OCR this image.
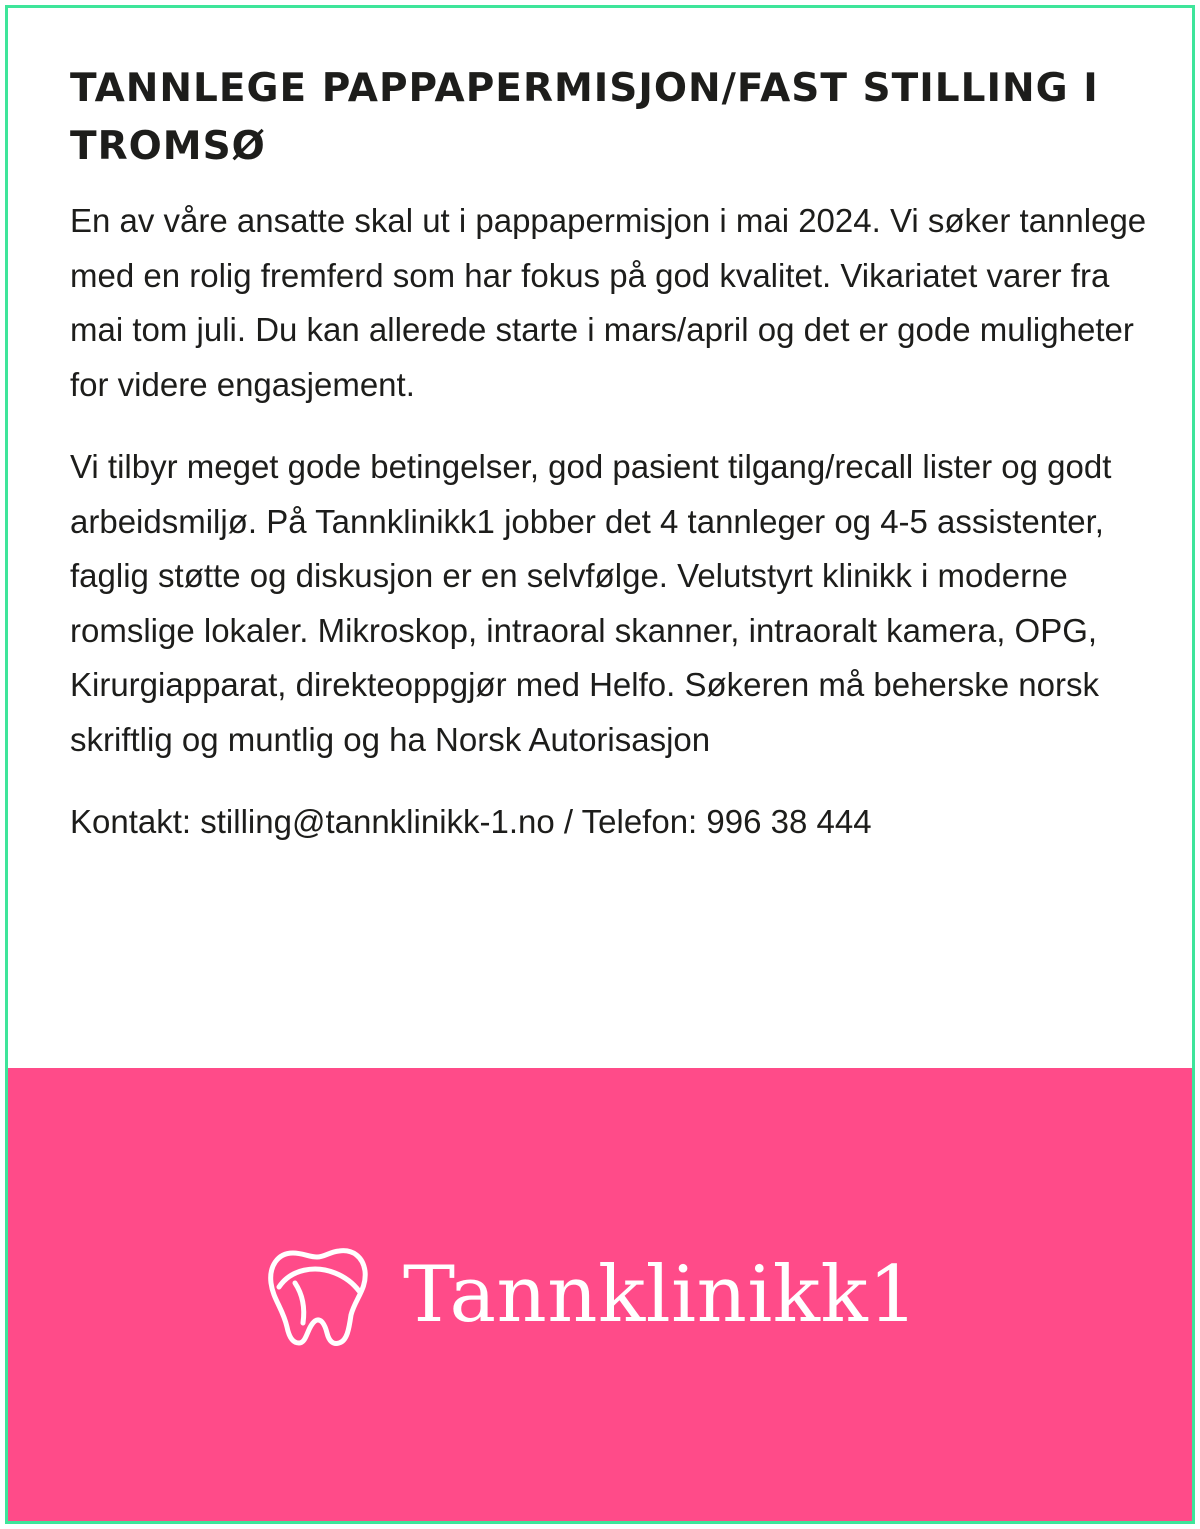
TANNLEGE PAPPAPERMISJON/FAST STILLING I TROMSØ

En av våre ansatte skal ut i pappapermisjon i mai 2024. Vi søker tannlege med en rolig fremferd som har fokus på god kvalitet. Vikariatet varer fra mai tom juli. Du kan allerede starte i mars/april og det er gode muligheter for videre engasjement.

Vi tilbyr meget gode betingelser, god pasient tilgang/recall lister og godt arbeidsmiljø. På Tannklinikk1 jobber det 4 tannleger og 4-5 assistenter, faglig støtte og diskusjon er en selvfølge. Velutstyrt klinikk i moderne romslige lokaler. Mikroskop, intraoral skanner, intraoralt kamera, OPG, Kirurgiapparat, direkteoppgjør med Helfo. Søkeren må beherske norsk skriftlig og muntlig og ha Norsk Autorisasjon

Kontakt: stilling@tannklinikk-1.no / Telefon: 996 38 444

Tannklinikk1
